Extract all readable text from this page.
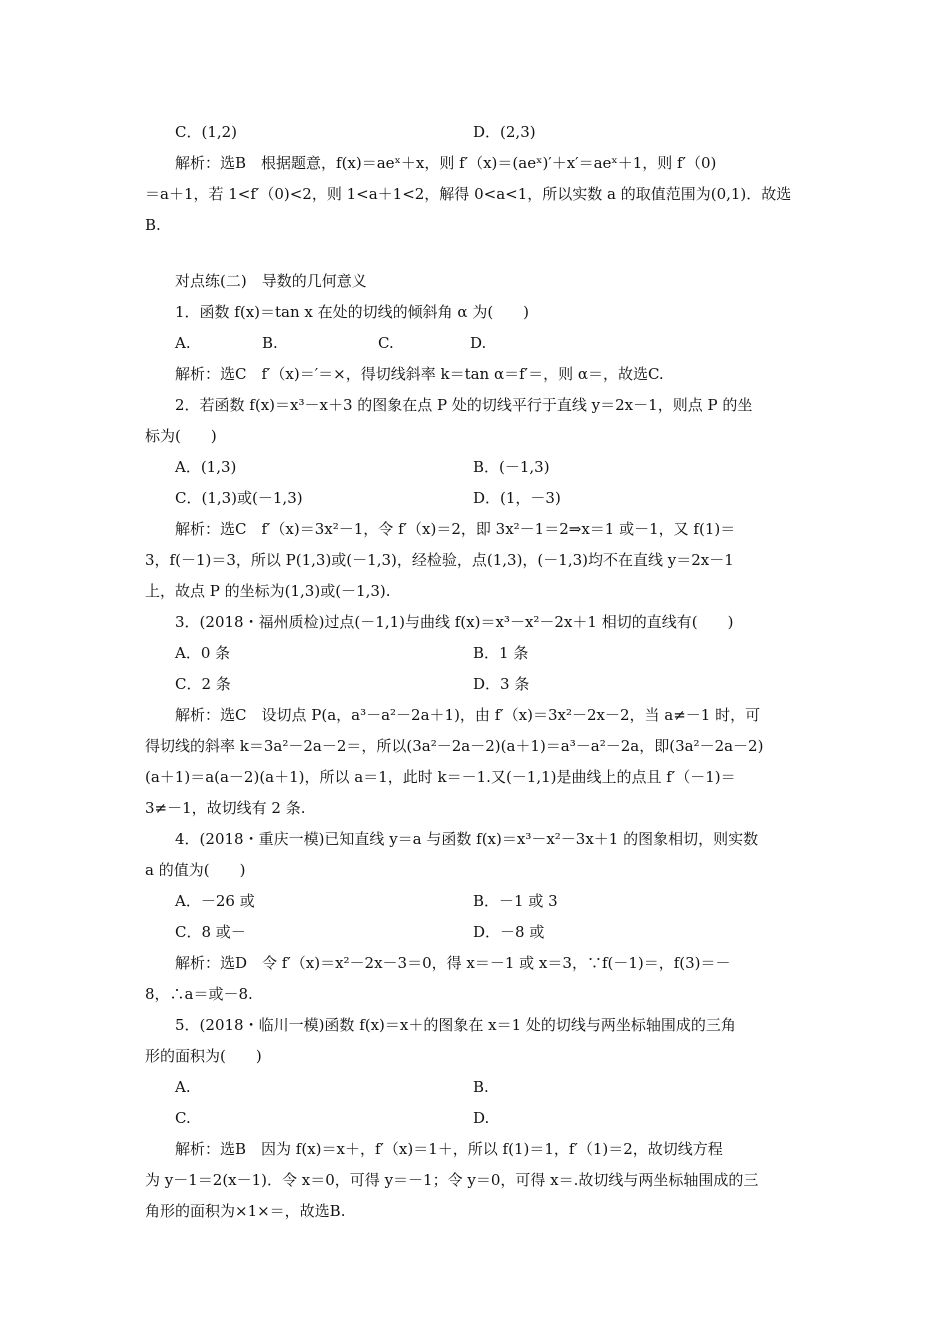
C．(1,2)	D．(2,3)
解析：选B　根据题意，f(x)＝aeˣ＋x，则 f′（x)＝(aeˣ)′＋x′＝aeˣ＋1，则 f′（0)
＝a＋1，若 1<f′（0)<2，则 1<a＋1<2，解得 0<a<1，所以实数 a 的取值范围为(0,1)．故选
B.
对点练(二)　导数的几何意义
1．函数 f(x)＝tan x 在处的切线的倾斜角 α 为(　　)
A.	B.	C.	D.
解析：选C　f′（x)＝′＝×，得切线斜率 k＝tan α＝f′＝，则 α＝，故选C.
2．若函数 f(x)＝x³－x＋3 的图象在点 P 处的切线平行于直线 y＝2x－1，则点 P 的坐
标为(　　)
A．(1,3)	B．(－1,3)
C．(1,3)或(－1,3)	D．(1，－3)
解析：选C　f′（x)＝3x²－1，令 f′（x)＝2，即 3x²－1＝2⇒x＝1 或－1，又 f(1)＝
3，f(－1)＝3，所以 P(1,3)或(－1,3)，经检验，点(1,3)，(－1,3)均不在直线 y＝2x－1
上，故点 P 的坐标为(1,3)或(－1,3).
3．(2018・福州质检)过点(－1,1)与曲线 f(x)＝x³－x²－2x＋1 相切的直线有(　　)
A．0 条	B．1 条
C．2 条	D．3 条
解析：选C　设切点 P(a，a³－a²－2a＋1)，由 f′（x)＝3x²－2x－2，当 a≠－1 时，可
得切线的斜率 k＝3a²－2a－2＝，所以(3a²－2a－2)(a＋1)＝a³－a²－2a，即(3a²－2a－2)
(a＋1)＝a(a－2)(a＋1)，所以 a＝1，此时 k＝－1.又(－1,1)是曲线上的点且 f′（－1)＝
3≠－1，故切线有 2 条.
4．(2018・重庆一模)已知直线 y＝a 与函数 f(x)＝x³－x²－3x＋1 的图象相切，则实数
a 的值为(　　)
A．－26 或	B．－1 或 3
C．8 或－	D．－8 或
解析：选D　令 f′（x)＝x²－2x－3＝0，得 x＝－1 或 x＝3，∵f(－1)＝，f(3)＝－
8，∴a＝或－8.
5．(2018・临川一模)函数 f(x)＝x＋的图象在 x＝1 处的切线与两坐标轴围成的三角
形的面积为(　　)
A.	B.
C.	D.
解析：选B　因为 f(x)＝x＋，f′（x)＝1＋，所以 f(1)＝1，f′（1)＝2，故切线方程
为 y－1＝2(x－1)．令 x＝0，可得 y＝－1；令 y＝0，可得 x＝.故切线与两坐标轴围成的三
角形的面积为×1×＝，故选B.
